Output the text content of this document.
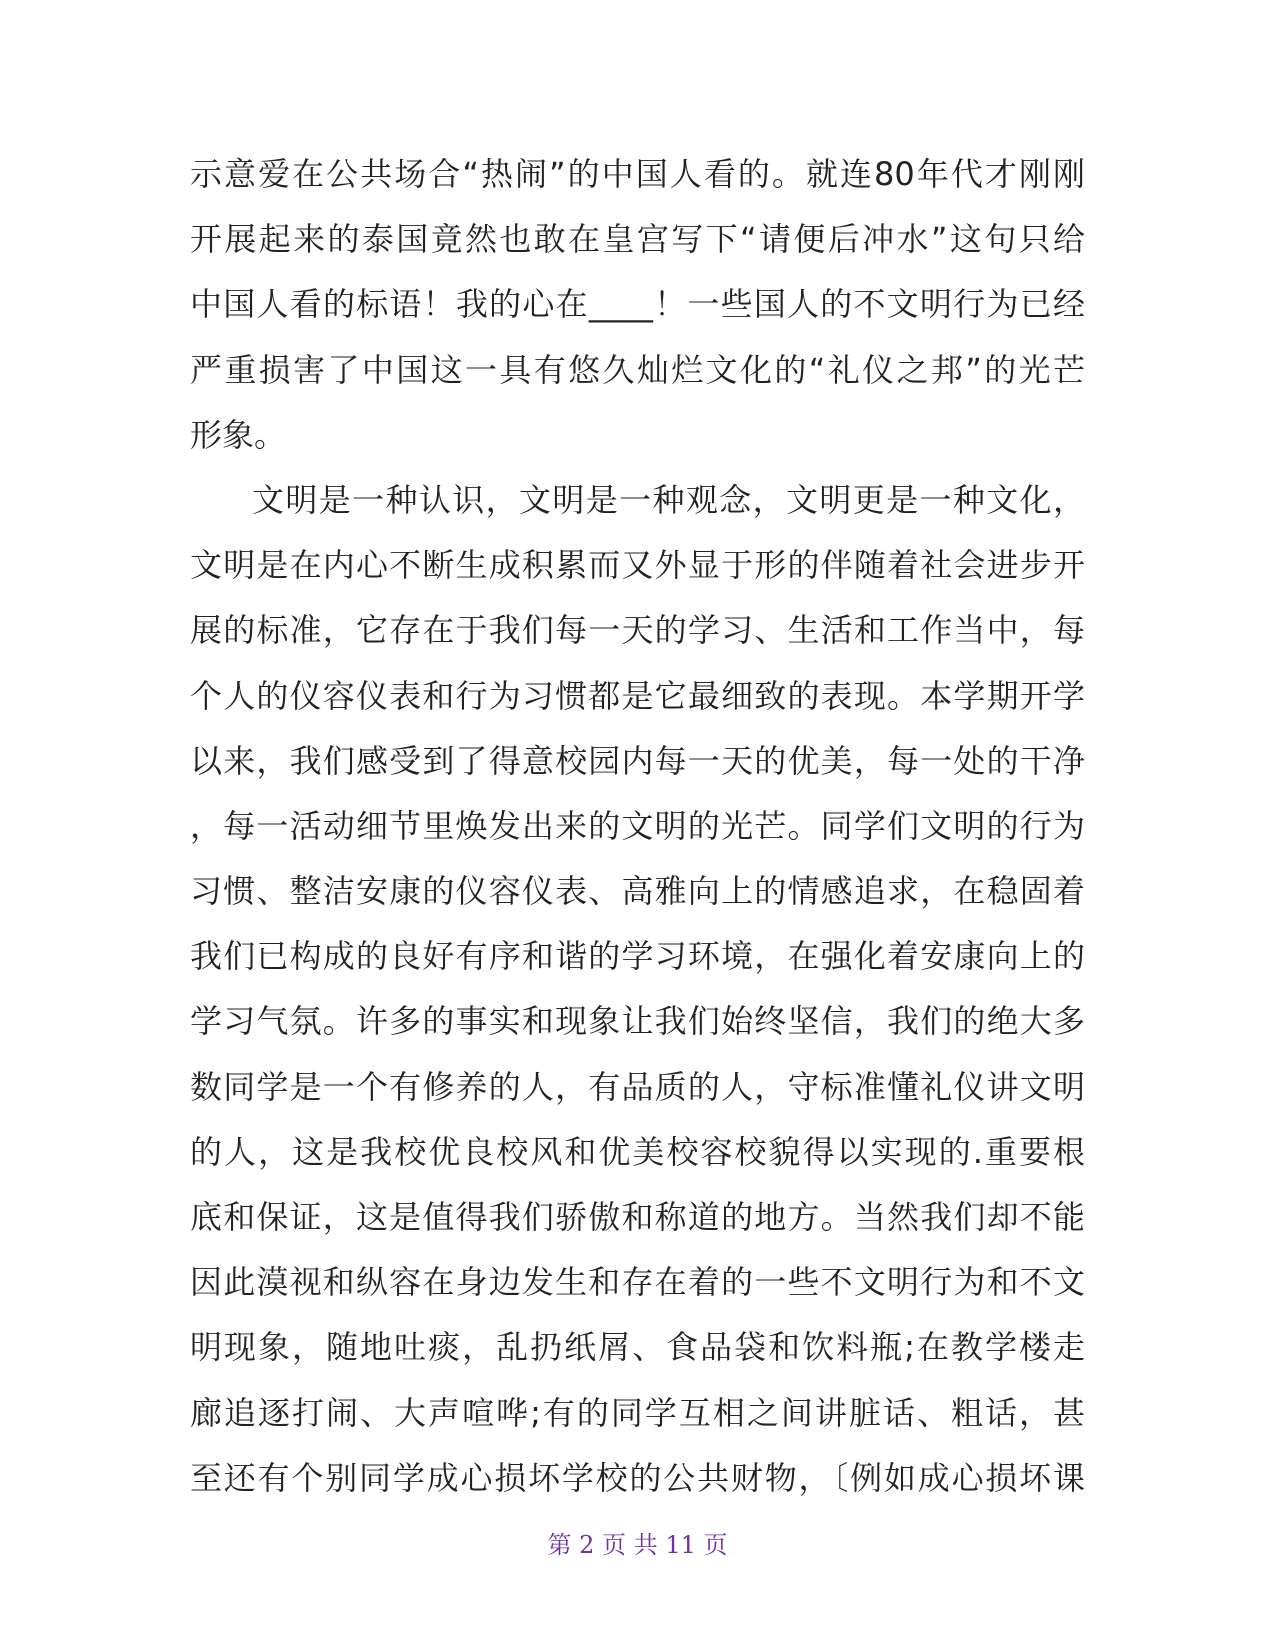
示意爱在公共场合“热闹”的中国人看的。就连80年代才刚刚
开展起来的泰国竟然也敢在皇宫写下“请便后冲水”这句只给
中国人看的标语！我的心在____！一些国人的不文明行为已经
严重损害了中国这一具有悠久灿烂文化的“礼仪之邦”的光芒
形象。
文明是一种认识，文明是一种观念，文明更是一种文化，
文明是在内心不断生成积累而又外显于形的伴随着社会进步开
展的标准，它存在于我们每一天的学习、生活和工作当中，每
个人的仪容仪表和行为习惯都是它最细致的表现。本学期开学
以来，我们感受到了得意校园内每一天的优美，每一处的干净
，每一活动细节里焕发出来的文明的光芒。同学们文明的行为
习惯、整洁安康的仪容仪表、高雅向上的情感追求，在稳固着
我们已构成的良好有序和谐的学习环境，在强化着安康向上的
学习气氛。许多的事实和现象让我们始终坚信，我们的绝大多
数同学是一个有修养的人，有品质的人，守标准懂礼仪讲文明
的人，这是我校优良校风和优美校容校貌得以实现的.重要根
底和保证，这是值得我们骄傲和称道的地方。当然我们却不能
因此漠视和纵容在身边发生和存在着的一些不文明行为和不文
明现象，随地吐痰，乱扔纸屑、食品袋和饮料瓶;在教学楼走
廊追逐打闹、大声喧哗;有的同学互相之间讲脏话、粗话，甚
至还有个别同学成心损坏学校的公共财物，〔例如成心损坏课
第 2 页 共 11 页
